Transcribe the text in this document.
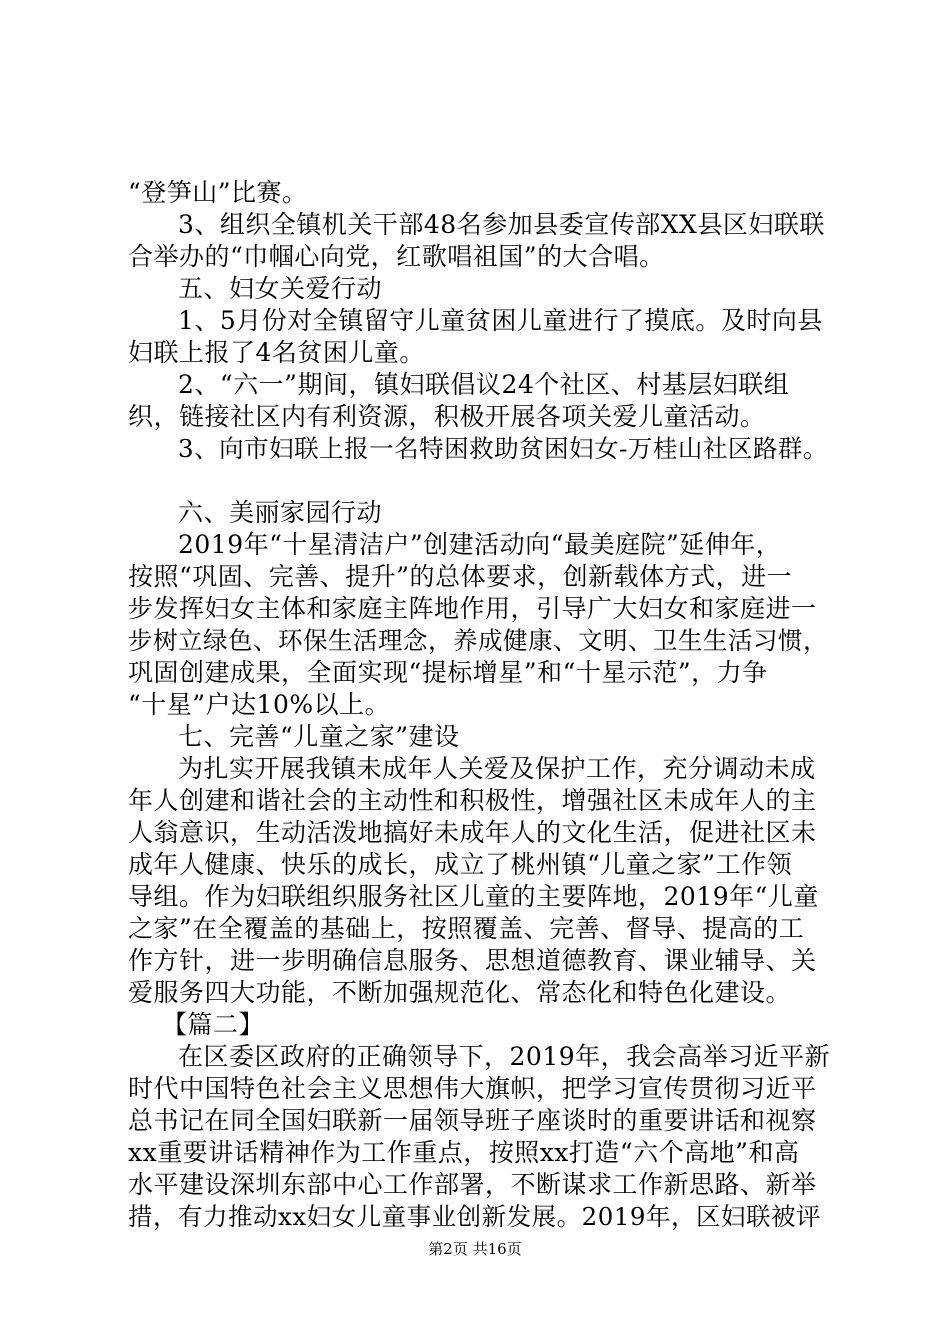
“登笋山”比赛。

3、组织全镇机关干部48名参加县委宣传部XX县区妇联联

合举办的“巾帼心向党，红歌唱祖国”的大合唱。

五、妇女关爱行动

1、5月份对全镇留守儿童贫困儿童进行了摸底。及时向县

妇联上报了4名贫困儿童。

2、“六一”期间，镇妇联倡议24个社区、村基层妇联组

织，链接社区内有利资源，积极开展各项关爱儿童活动。

3、向市妇联上报一名特困救助贫困妇女-万桂山社区路群。

六、美丽家园行动

2019年“十星清洁户”创建活动向“最美庭院”延伸年，

按照“巩固、完善、提升”的总体要求，创新载体方式，进一

步发挥妇女主体和家庭主阵地作用，引导广大妇女和家庭进一

步树立绿色、环保生活理念，养成健康、文明、卫生生活习惯，

巩固创建成果，全面实现“提标增星”和“十星示范”，力争

“十星”户达10%以上。

七、完善“儿童之家”建设

为扎实开展我镇未成年人关爱及保护工作，充分调动未成

年人创建和谐社会的主动性和积极性，增强社区未成年人的主

人翁意识，生动活泼地搞好未成年人的文化生活，促进社区未

成年人健康、快乐的成长，成立了桃州镇“儿童之家”工作领

导组。作为妇联组织服务社区儿童的主要阵地，2019年“儿童

之家”在全覆盖的基础上，按照覆盖、完善、督导、提高的工

作方针，进一步明确信息服务、思想道德教育、课业辅导、关

爱服务四大功能，不断加强规范化、常态化和特色化建设。

【篇二】

在区委区政府的正确领导下，2019年，我会高举习近平新

时代中国特色社会主义思想伟大旗帜，把学习宣传贯彻习近平

总书记在同全国妇联新一届领导班子座谈时的重要讲话和视察

xx重要讲话精神作为工作重点，按照xx打造“六个高地”和高

水平建设深圳东部中心工作部署，不断谋求工作新思路、新举

措，有力推动xx妇女儿童事业创新发展。2019年，区妇联被评

第2页 共16页
